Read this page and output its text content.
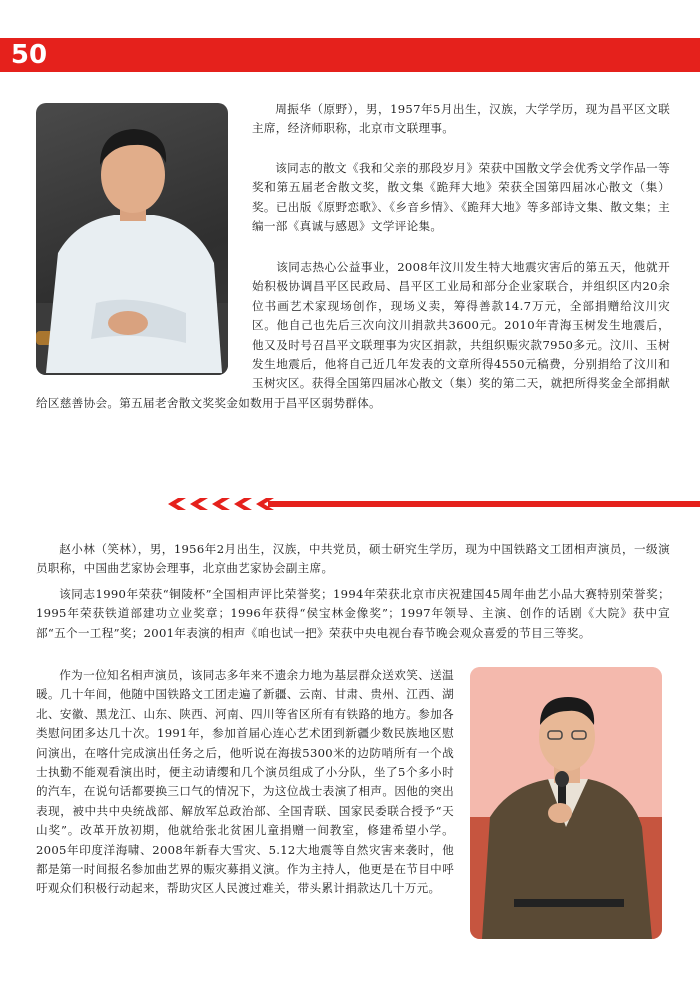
50

周振华（原野），男，1957年5月出生，汉族，大学学历，现为昌平区文联主席，经济师职称，北京市文联理事。

该同志的散文《我和父亲的那段岁月》荣获中国散文学会优秀文学作品一等奖和第五届老舍散文奖，散文集《跪拜大地》荣获全国第四届冰心散文（集）奖。已出版《原野恋歌》、《乡音乡情》、《跪拜大地》等多部诗文集、散文集；主编一部《真诚与感恩》文学评论集。

　　该同志热心公益事业，2008年汶川发生特大地震灾害后的第五天，他就开始积极协调昌平区民政局、昌平区工业局和部分企业家联合，并组织区内20余位书画艺术家现场创作，现场义卖，筹得善款14.7万元，全部捐赠给汶川灾区。他自己也先后三次向汶川捐款共3600元。2010年青海玉树发生地震后，他又及时号召昌平文联理事为灾区捐款，共组织赈灾款7950多元。汶川、玉树发生地震后，他将自己近几年发表的文章所得4550元稿费，分别捐给了汶川和玉树灾区。获得全国第四届冰心散文（集）奖的第二天，就把所得奖金全部捐献给区慈善协会。第五届老舍散文奖奖金如数用于昌平区弱势群体。

赵小林（笑林），男，1956年2月出生，汉族，中共党员，硕士研究生学历，现为中国铁路文工团相声演员，一级演员职称，中国曲艺家协会理事，北京曲艺家协会副主席。

该同志1990年荣获“铜陵杯”全国相声评比荣誉奖；1994年荣获北京市庆祝建国45周年曲艺小品大赛特别荣誉奖；1995年荣获铁道部建功立业奖章；1996年获得“侯宝林金像奖”；1997年领导、主演、创作的话剧《大院》获中宣部“五个一工程”奖；2001年表演的相声《咱也试一把》荣获中央电视台春节晚会观众喜爱的节目三等奖。

作为一位知名相声演员，该同志多年来不遗余力地为基层群众送欢笑、送温暖。几十年间，他随中国铁路文工团走遍了新疆、云南、甘肃、贵州、江西、湖北、安徽、黑龙江、山东、陕西、河南、四川等省区所有有铁路的地方。参加各类慰问团多达几十次。1991年，参加首届心连心艺术团到新疆少数民族地区慰问演出，在喀什完成演出任务之后，他听说在海拔5300米的边防哨所有一个战士执勤不能观看演出时，便主动请缨和几个演员组成了小分队，坐了5个多小时的汽车，在说句话都要换三口气的情况下，为这位战士表演了相声。因他的突出表现，被中共中央统战部、解放军总政治部、全国青联、国家民委联合授予“天山奖”。改革开放初期，他就给张北贫困儿童捐赠一间教室，修建希望小学。2005年印度洋海啸、2008年新春大雪灾、5.12大地震等自然灾害来袭时，他都是第一时间报名参加曲艺界的赈灾募捐义演。作为主持人，他更是在节目中呼吁观众们积极行动起来，帮助灾区人民渡过难关，带头累计捐款达几十万元。
